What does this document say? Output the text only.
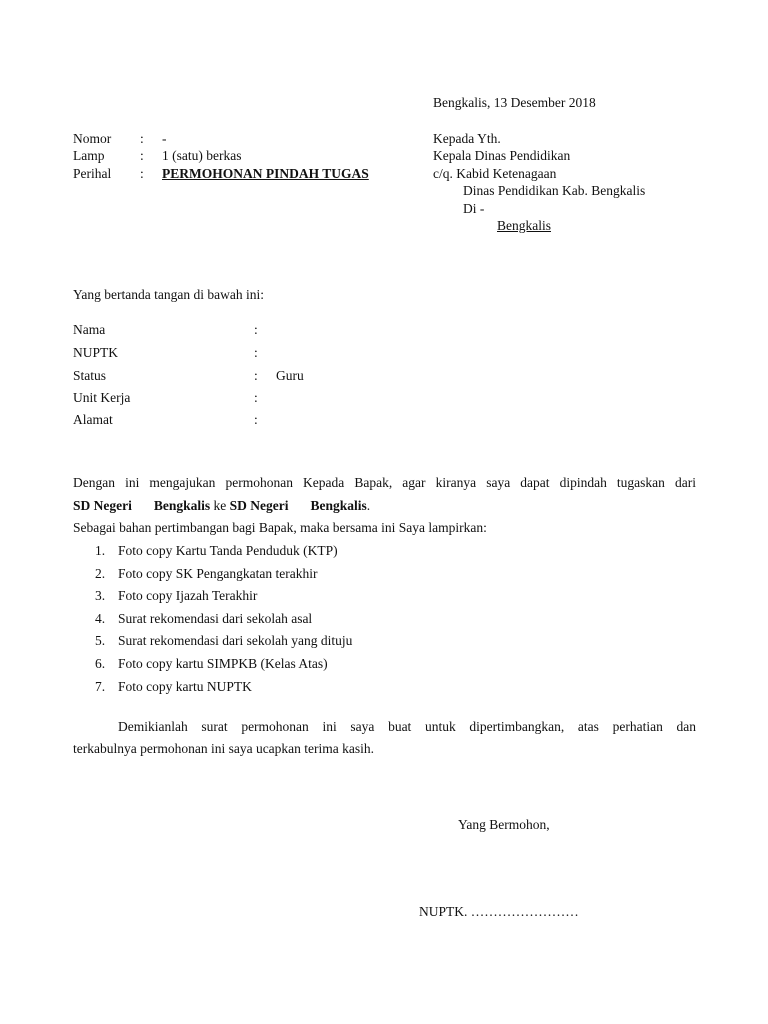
Bengkalis, 13 Desember 2018
Nomor : -
Lamp	: 1 (satu) berkas
Perihal : PERMOHONAN PINDAH TUGAS
Kepada Yth.
Kepala Dinas Pendidikan
c/q. Kabid Ketenagaan
Dinas Pendidikan Kab. Bengkalis
Di -
Bengkalis
Yang bertanda tangan di bawah ini:
Nama	:
NUPTK	:
Status	: Guru
Unit Kerja	:
Alamat	:
Dengan ini mengajukan permohonan Kepada Bapak, agar kiranya saya dapat dipindah tugaskan dari
SD Negeri Bengkalis ke SD Negeri Bengkalis.
Sebagai bahan pertimbangan bagi Bapak, maka bersama ini Saya lampirkan:
1. Foto copy Kartu Tanda Penduduk (KTP)
2. Foto copy SK Pengangkatan terakhir
3. Foto copy Ijazah Terakhir
4. Surat rekomendasi dari sekolah asal
5. Surat rekomendasi dari sekolah yang dituju
6. Foto copy kartu SIMPKB (Kelas Atas)
7. Foto copy kartu NUPTK
Demikianlah surat permohonan ini saya buat untuk dipertimbangkan, atas perhatian dan
terkabulnya permohonan ini saya ucapkan terima kasih.
Yang Bermohon,
NUPTK. ……………………
